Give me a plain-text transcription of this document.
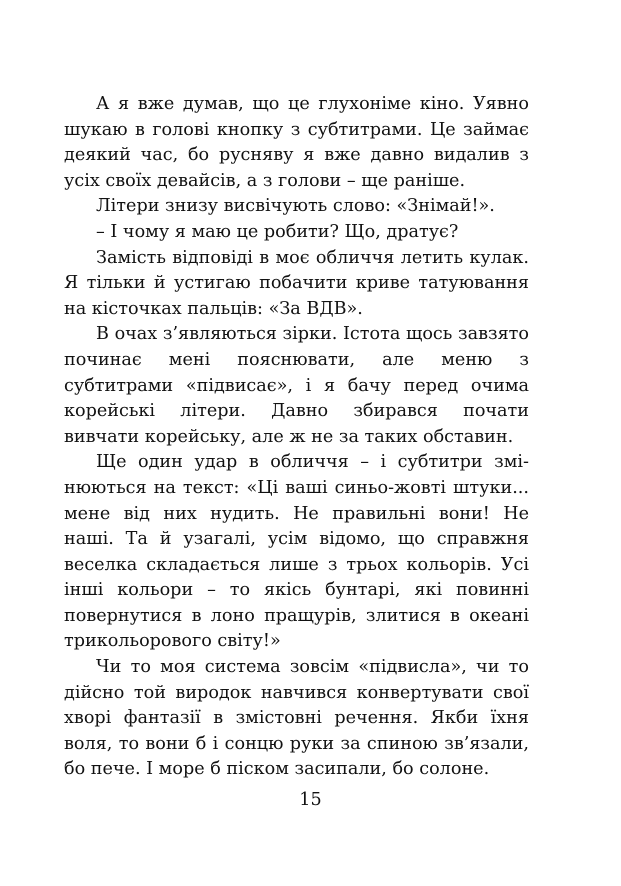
А я вже думав, що це глухоніме кіно. Уявно шукаю в голові кнопку з субтитрами. Це займає деякий час, бо русняву я вже давно видалив з усіх своїх девайсів, а з голови – ще раніше.

Літери знизу висвічують слово: «Знімай!».

– І чому я маю це робити? Що, дратує?

Замість відповіді в моє обличчя летить кулак. Я тільки й устигаю побачити криве татуювання на кісточках пальців: «За ВДВ».

В очах з’являються зірки. Істота щось завзято починає мені пояснювати, але меню з субтитрами «підвисає», і я бачу перед очима корейські літери. Давно збирався почати вивчати корейську, але ж не за таких обставин.

Ще один удар в обличчя – і субтитри змінюються на текст: «Ці ваші синьо-жовті штуки... мене від них нудить. Не правильні вони! Не наші. Та й узагалі, усім відомо, що справжня веселка складається лише з трьох кольорів. Усі інші кольори – то якісь бунтарі, які повинні повернутися в лоно пращурів, злитися в океані трикольорового світу!»

Чи то моя система зовсім «підвисла», чи то дійсно той виродок навчився конвертувати свої хворі фантазії в змістовні речення. Якби їхня воля, то вони б і сонцю руки за спиною зв’язали, бо пече. І море б піском засипали, бо солоне.

15
